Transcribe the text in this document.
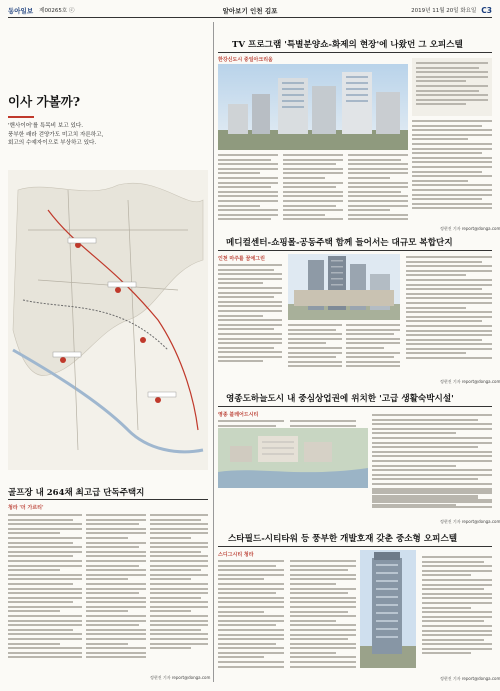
동아일보 제00265호 ⓒ	알아보기 인천 김포	2019년 11월 20일 화요일 C3
이사 가볼까?
'핸사이어'를 특목비 보고 있다.
풍부한 래라 걷양가도 미고치 자른하고,
회고의 수예자이으로 부상하고 있다.
골프장 내 264채 최고급 단독주택지
청라 '더 가르티'
정현진 기자 report@donga.com
TV 프로그램 '특별분양쇼-화제의 현장'에 나왔던 그 오피스텔
한강신도시 중일아크리움
정현진 기자 report@donga.com
메디컬센터-쇼핑몰-공동주택 함께 들어서는 대규모 복합단지
인천 마주를 꿈에그린
정현진 기자 report@donga.com
영종도하늘도시 내 중심상업권에 위치한 '고급 생활숙박시설'
영종 블레어드시티
정현진 기자 report@donga.com
스타필드-시티타워 등 풍부한 개발호재 갖춘 중소형 오피스텔
스디그시티 청라
정현진 기자 report@donga.com
